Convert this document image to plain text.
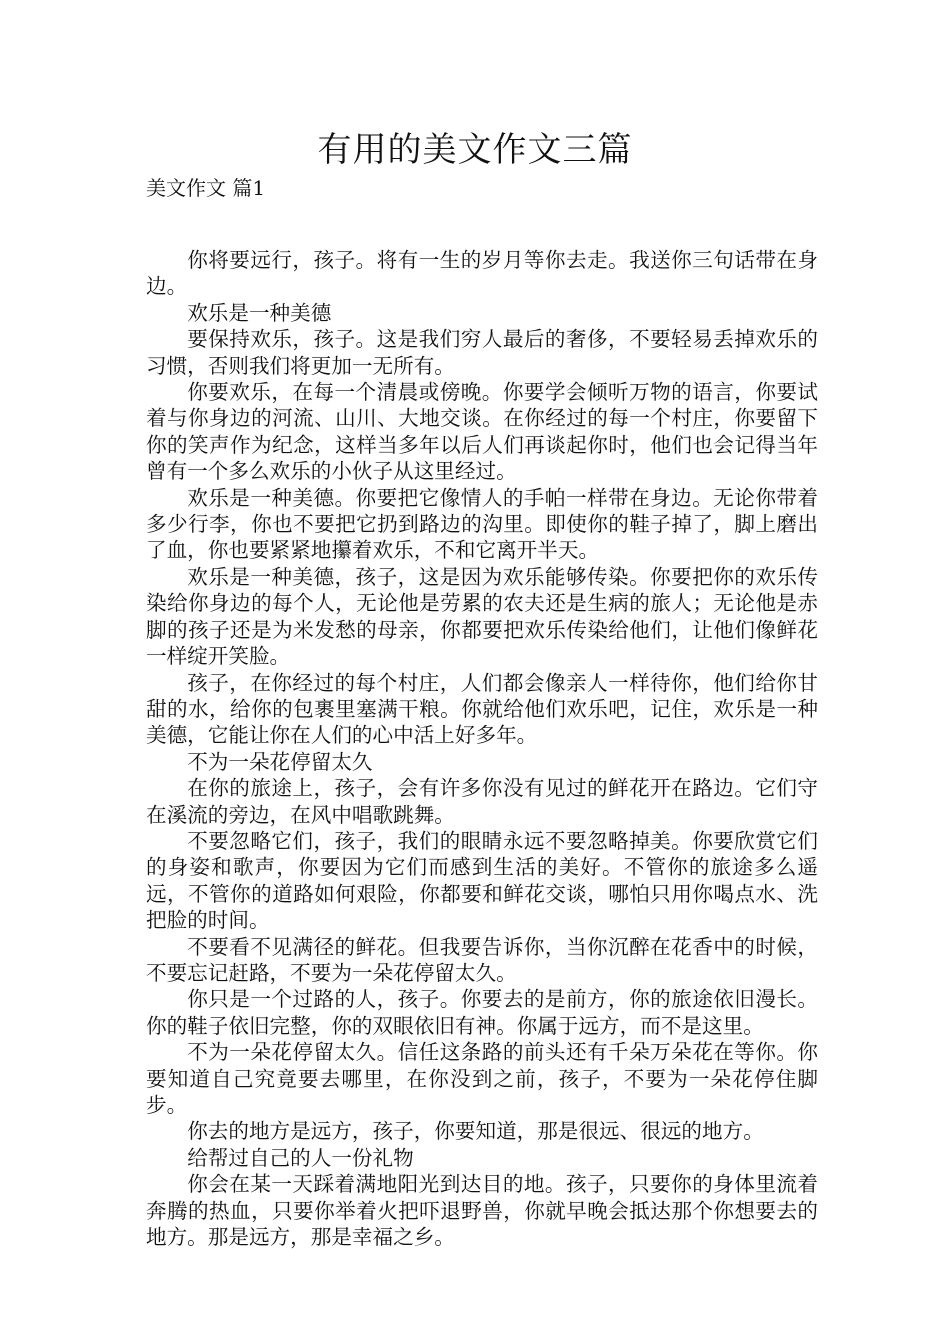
有用的美文作文三篇
美文作文 篇1

你将要远行，孩子。将有一生的岁月等你去走。我送你三句话带在身边。

欢乐是一种美德

要保持欢乐，孩子。这是我们穷人最后的奢侈，不要轻易丢掉欢乐的习惯，否则我们将更加一无所有。

你要欢乐，在每一个清晨或傍晚。你要学会倾听万物的语言，你要试着与你身边的河流、山川、大地交谈。在你经过的每一个村庄，你要留下你的笑声作为纪念，这样当多年以后人们再谈起你时，他们也会记得当年曾有一个多么欢乐的小伙子从这里经过。

欢乐是一种美德。你要把它像情人的手帕一样带在身边。无论你带着多少行李，你也不要把它扔到路边的沟里。即使你的鞋子掉了，脚上磨出了血，你也要紧紧地攥着欢乐，不和它离开半天。

欢乐是一种美德，孩子，这是因为欢乐能够传染。你要把你的欢乐传染给你身边的每个人，无论他是劳累的农夫还是生病的旅人；无论他是赤脚的孩子还是为米发愁的母亲，你都要把欢乐传染给他们，让他们像鲜花一样绽开笑脸。

孩子，在你经过的每个村庄，人们都会像亲人一样待你，他们给你甘甜的水，给你的包裹里塞满干粮。你就给他们欢乐吧，记住，欢乐是一种美德，它能让你在人们的心中活上好多年。

不为一朵花停留太久

在你的旅途上，孩子，会有许多你没有见过的鲜花开在路边。它们守在溪流的旁边，在风中唱歌跳舞。

不要忽略它们，孩子，我们的眼睛永远不要忽略掉美。你要欣赏它们的身姿和歌声，你要因为它们而感到生活的美好。不管你的旅途多么遥远，不管你的道路如何艰险，你都要和鲜花交谈，哪怕只用你喝点水、洗把脸的时间。

不要看不见满径的鲜花。但我要告诉你，当你沉醉在花香中的时候，不要忘记赶路，不要为一朵花停留太久。

你只是一个过路的人，孩子。你要去的是前方，你的旅途依旧漫长。你的鞋子依旧完整，你的双眼依旧有神。你属于远方，而不是这里。

不为一朵花停留太久。信任这条路的前头还有千朵万朵花在等你。你要知道自己究竟要去哪里，在你没到之前，孩子，不要为一朵花停住脚步。

你去的地方是远方，孩子，你要知道，那是很远、很远的地方。

给帮过自己的人一份礼物

你会在某一天踩着满地阳光到达目的地。孩子，只要你的身体里流着奔腾的热血，只要你举着火把吓退野兽，你就早晚会抵达那个你想要去的地方。那是远方，那是幸福之乡。
